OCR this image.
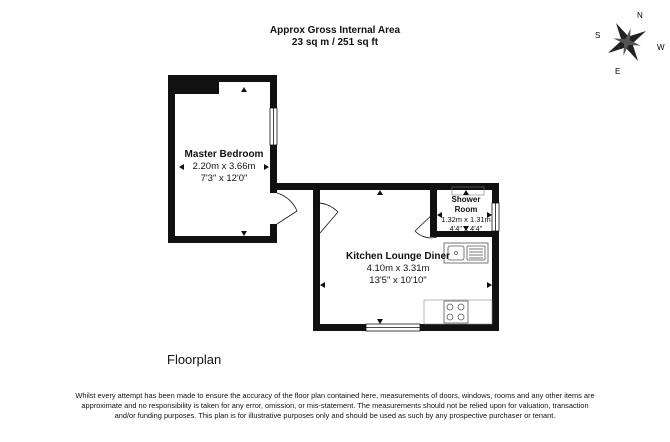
Approx Gross Internal Area
23 sq m / 251 sq ft
N
W
S
E
Master Bedroom
2.20m x 3.66m
7'3" x 12'0"
Kitchen Lounge Diner
4.10m x 3.31m
13'5" x 10'10"
Shower
Room
1.32m x 1.31m
4'4" x 4'4"
Floorplan
Whilst every attempt has been made to ensure the accuracy of the floor plan contained here, measurements of doors, windows, rooms and any other items are approximate and no responsibility is taken for any error, omission, or mis-statement. The measurements should not be relied upon for valuation, transaction and/or funding purposes. This plan is for illustrative purposes only and should be used as such by any prospective purchaser or tenant.
